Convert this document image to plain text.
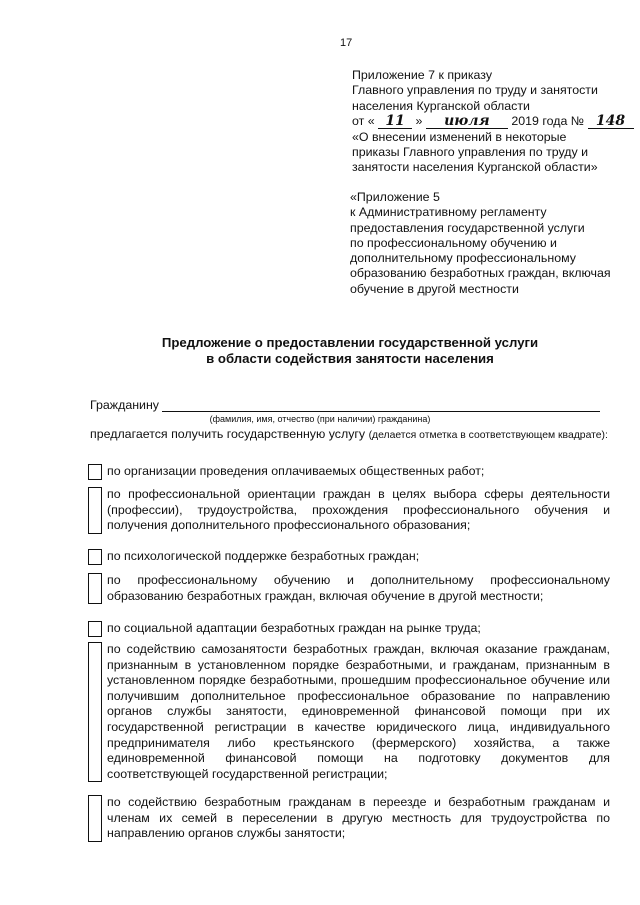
17
Приложение 7 к приказу
Главного управления по труду и занятости
населения Курганской области
от « 11 » июля 2019 года № 148
«О внесении изменений в некоторые
приказы Главного управления по труду и
занятости населения Курганской области»
«Приложение 5
к Административному регламенту
предоставления государственной услуги
по профессиональному обучению и
дополнительному профессиональному
образованию безработных граждан, включая
обучение в другой местности
Предложение о предоставлении государственной услуги
в области содействия занятости населения
Гражданину
(фамилия, имя, отчество (при наличии) гражданина)
предлагается получить государственную услугу (делается отметка в соответствующем квадрате):
по организации проведения оплачиваемых общественных работ;
по профессиональной ориентации граждан в целях выбора сферы деятельности (профессии), трудоустройства, прохождения профессионального обучения и получения дополнительного профессионального образования;
по психологической поддержке безработных граждан;
по профессиональному обучению и дополнительному профессиональному образованию безработных граждан, включая обучение в другой местности;
по социальной адаптации безработных граждан на рынке труда;
по содействию самозанятости безработных граждан, включая оказание гражданам, признанным в установленном порядке безработными, и гражданам, признанным в установленном порядке безработными, прошедшим профессиональное обучение или получившим дополнительное профессиональное образование по направлению органов службы занятости, единовременной финансовой помощи при их государственной регистрации в качестве юридического лица, индивидуального предпринимателя либо крестьянского (фермерского) хозяйства, а также единовременной финансовой помощи на подготовку документов для соответствующей государственной регистрации;
по содействию безработным гражданам в переезде и безработным гражданам и членам их семей в переселении в другую местность для трудоустройства по направлению органов службы занятости;
